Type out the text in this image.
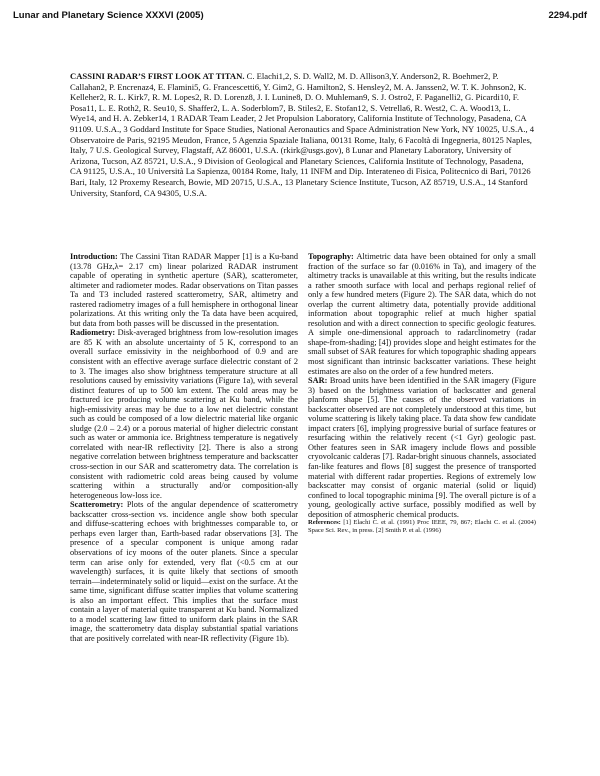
Lunar and Planetary Science XXXVI (2005)	2294.pdf
CASSINI RADAR’S FIRST LOOK AT TITAN. C. Elachi1,2, S. D. Wall2, M. D. Allison3,Y. Anderson2, R. Boehmer2, P. Callahan2, P. Encrenaz4, E. Flamini5, G. Francescetti6, Y. Gim2, G. Hamilton2, S. Hensley2, M. A. Janssen2, W. T. K. Johnson2, K. Kelleher2, R. L. Kirk7, R. M. Lopes2, R. D. Lorenz8, J. I. Lunine8, D. O. Muhleman9, S. J. Ostro2, F. Paganelli2, G. Picardi10, F. Posa11, L. E. Roth2, R. Seu10, S. Shaffer2, L. A. Soderblom7, B. Stiles2, E. Stofan12, S. Vetrella6, R. West2, C. A. Wood13, L. Wye14, and H. A. Zebker14, 1 RADAR Team Leader, 2 Jet Propulsion Laboratory, California Institute of Technology, Pasadena, CA 91109. U.S.A., 3 Goddard Institute for Space Studies, National Aeronautics and Space Administration New York, NY 10025, U.S.A., 4 Observatoire de Paris, 92195 Meudon, France, 5 Agenzia Spaziale Italiana, 00131 Rome, Italy, 6 Facoltà di Ingegneria, 80125 Naples, Italy, 7 U.S. Geological Survey, Flagstaff, AZ 86001, U.S.A. (rkirk@usgs.gov), 8 Lunar and Planetary Laboratory, University of Arizona, Tucson, AZ 85721, U.S.A., 9 Division of Geological and Planetary Sciences, California Institute of Technology, Pasadena, CA 91125, U.S.A., 10 Università La Sapienza, 00184 Rome, Italy, 11 INFM and Dip. Interateneo di Fisica, Politecnico di Bari, 70126 Bari, Italy, 12 Proxemy Research, Bowie, MD 20715, U.S.A., 13 Planetary Science Institute, Tucson, AZ 85719, U.S.A., 14 Stanford University, Stanford, CA 94305, U.S.A.

Introduction: The Cassini Titan RADAR Mapper [1] is a Ku-band (13.78 GHz,λ= 2.17 cm) linear polarized RADAR instrument capable of operating in synthetic aperture (SAR), scatterometer, altimeter and radiometer modes. Radar observations on Titan passes Ta and T3 included rastered scatterometry, SAR, altimetry and rastered radiometry images of a full hemisphere in orthogonal linear polarizations. At this writing only the Ta data have been acquired, but data from both passes will be discussed in the presentation.

Radiometry: Disk-averaged brightness from low-resolution images are 85 K with an absolute uncertainty of 5 K, correspond to an overall surface emissivity in the neighborhood of 0.9 and are consistent with an effective average surface dielectric constant of 2 to 3. The images also show brightness temperature structure at all resolutions caused by emissivity variations (Figure 1a), with several distinct features of up to 500 km extent. The cold areas may be fractured ice producing volume scattering at Ku band, while the high-emissivity areas may be due to a low net dielectric constant such as could be composed of a low dielectric material like organic sludge (2.0 – 2.4) or a porous material of higher dielectric constant such as water or ammonia ice. Brightness temperature is negatively correlated with near-IR reflectivity [2]. There is also a strong negative correlation between brightness temperature and backscatter cross-section in our SAR and scatterometry data. The correlation is consistent with radiometric cold areas being caused by volume scattering within a structurally and/or composition-ally heterogeneous low-loss ice.

Scatterometry: Plots of the angular dependence of scatterometry backscatter cross-section vs. incidence angle show both specular and diffuse-scattering echoes with brightnesses comparable to, or perhaps even larger than, Earth-based radar observations [3]. The presence of a specular component is unique among radar observations of icy moons of the outer planets. Since a specular term can arise only for extended, very flat (<0.5 cm at our wavelength) surfaces, it is quite likely that sections of smooth terrain—indeterminately solid or liquid—exist on the surface. At the same time, significant diffuse scatter implies that volume scattering is also an important effect. This implies that the surface must contain a layer of material quite transparent at Ku band. Normalized to a model scattering law fitted to uniform dark plains in the SAR image, the scatterometry data display substantial spatial variations that are positively correlated with near-IR reflectivity (Figure 1b).

Topography: Altimetric data have been obtained for only a small fraction of the surface so far (0.016% in Ta), and imagery of the altimetry tracks is unavailable at this writing, but the results indicate a rather smooth surface with local and perhaps regional relief of only a few hundred meters (Figure 2). The SAR data, which do not overlap the current altimetry data, potentially provide additional information about topographic relief at much higher spatial resolution and with a direct connection to specific geologic features. A simple one-dimensional approach to radarclinometry (radar shape-from-shading; [4]) provides slope and height estimates for the small subset of SAR features for which topographic shading appears most significant than intrinsic backscatter variations. These height estimates are also on the order of a few hundred meters.

SAR: Broad units have been identified in the SAR imagery (Figure 3) based on the brightness variation of backscatter and general planform shape [5]. The causes of the observed variations in backscatter observed are not completely understood at this time, but volume scattering is likely taking place. Ta data show few candidate impact craters [6], implying progressive burial of surface features or resurfacing within the relatively recent (<1 Gyr) geologic past. Other features seen in SAR imagery include flows and possible cryovolcanic calderas [7]. Radar-bright sinuous channels, associated fan-like features and flows [8] suggest the presence of transported material with different radar properties. Regions of extremely low backscatter may consist of organic material (solid or liquid) confined to local topographic minima [9]. The overall picture is of a young, geologically active surface, possibly modified as well by deposition of atmospheric chemical products.

References: [1] Elachi C. et al. (1991) Proc IEEE, 79, 867; Elachi C. et al. (2004) Space Sci. Rev., in press. [2] Smith P. et al. (1996)
